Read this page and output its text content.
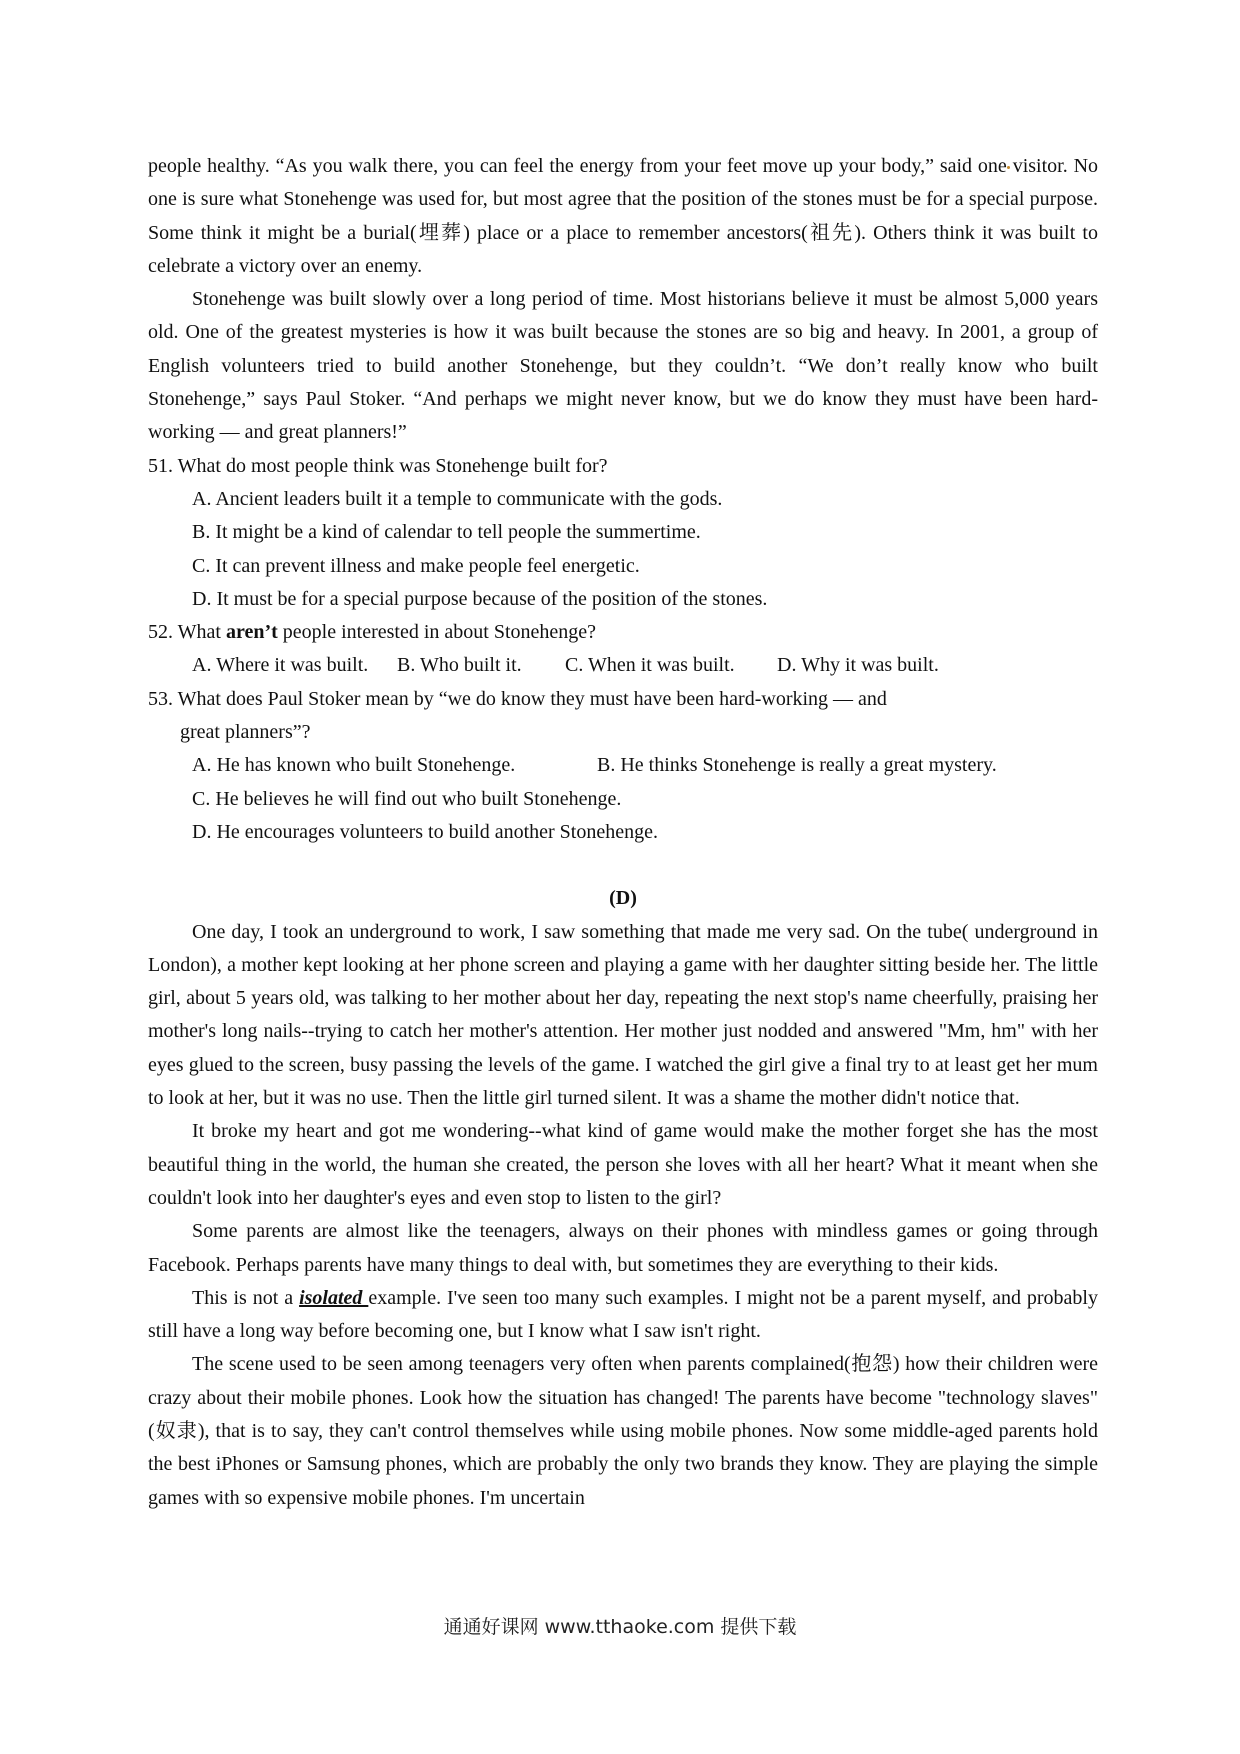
people healthy. “As you walk there, you can feel the energy from your feet move up your body,” said one visitor. No one is sure what Stonehenge was used for, but most agree that the position of the stones must be for a special purpose. Some think it might be a burial(埋葬) place or a place to remember ancestors(祖先). Others think it was built to celebrate a victory over an enemy.

Stonehenge was built slowly over a long period of time. Most historians believe it must be almost 5,000 years old. One of the greatest mysteries is how it was built because the stones are so big and heavy. In 2001, a group of English volunteers tried to build another Stonehenge, but they couldn’t. “We don’t really know who built Stonehenge,” says Paul Stoker. “And perhaps we might never know, but we do know they must have been hard-working — and great planners!”

51. What do most people think was Stonehenge built for?

A. Ancient leaders built it a temple to communicate with the gods.

B. It might be a kind of calendar to tell people the summertime.

C. It can prevent illness and make people feel energetic.

D. It must be for a special purpose because of the position of the stones.

52. What aren’t people interested in about Stonehenge?

A. Where it was built.	B. Who built it.	C. When it was built.	D. Why it was built.

53. What does Paul Stoker mean by “we do know they must have been hard-working — and

great planners”?

A. He has known who built Stonehenge.	B. He thinks Stonehenge is really a great mystery.

C. He believes he will find out who built Stonehenge.

D. He encourages volunteers to build another Stonehenge.

(D)

One day, I took an underground to work, I saw something that made me very sad. On the tube( underground in London), a mother kept looking at her phone screen and playing a game with her daughter sitting beside her. The little girl, about 5 years old, was talking to her mother about her day, repeating the next stop's name cheerfully, praising her mother's long nails--trying to catch her mother's attention. Her mother just nodded and answered "Mm, hm" with her eyes glued to the screen, busy passing the levels of the game. I watched the girl give a final try to at least get her mum to look at her, but it was no use. Then the little girl turned silent. It was a shame the mother didn't notice that.

It broke my heart and got me wondering--what kind of game would make the mother forget she has the most beautiful thing in the world, the human she created, the person she loves with all her heart? What it meant when she couldn't look into her daughter's eyes and even stop to listen to the girl?

Some parents are almost like the teenagers, always on their phones with mindless games or going through Facebook. Perhaps parents have many things to deal with, but sometimes they are everything to their kids.

This is not a isolated example. I've seen too many such examples. I might not be a parent myself, and probably still have a long way before becoming one, but I know what I saw isn't right.

The scene used to be seen among teenagers very often when parents complained(抱怨) how their children were crazy about their mobile phones. Look how the situation has changed! The parents have become "technology slaves"(奴隶), that is to say, they can't control themselves while using mobile phones. Now some middle-aged parents hold the best iPhones or Samsung phones, which are probably the only two brands they know. They are playing the simple games with so expensive mobile phones. I'm uncertain

通通好课网 www.tthaoke.com 提供下载
